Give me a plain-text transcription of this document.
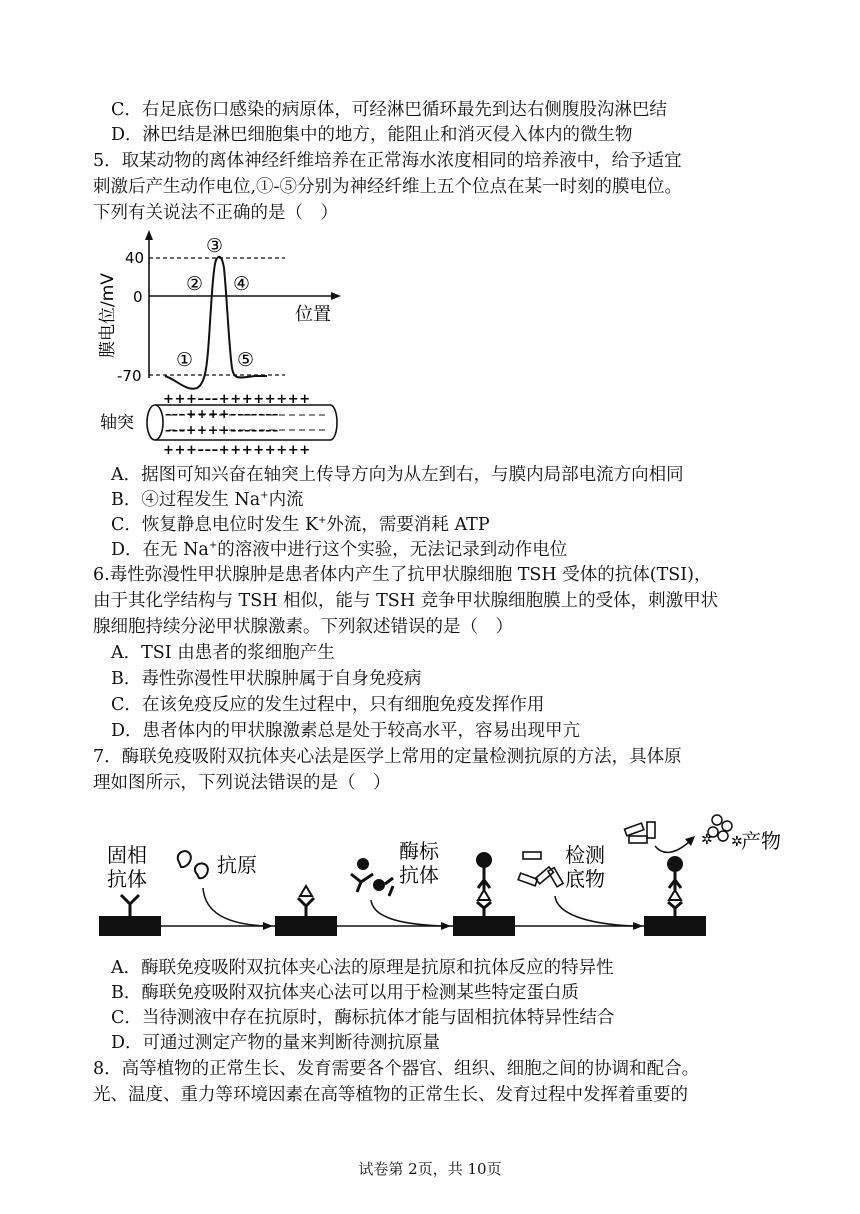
C．右足底伤口感染的病原体，可经淋巴循环最先到达右侧腹股沟淋巴结
D．淋巴结是淋巴细胞集中的地方，能阻止和消灭侵入体内的微生物
5．取某动物的离体神经纤维培养在正常海水浓度相同的培养液中，给予适宜
刺激后产生动作电位,①-⑤分别为神经纤维上五个位点在某一时刻的膜电位。
下列有关说法不正确的是（　）
40
0
-70
膜电位/mV	位置
③
② ④
① ⑤
轴突
+++–––++++++++
–––++++–––––––
–––++++–––––––
+++–––++++++++
A．据图可知兴奋在轴突上传导方向为从左到右，与膜内局部电流方向相同
B．④过程发生 Na+内流
C．恢复静息电位时发生 K+外流，需要消耗 ATP
D．在无 Na+的溶液中进行这个实验，无法记录到动作电位
6.毒性弥漫性甲状腺肿是患者体内产生了抗甲状腺细胞 TSH 受体的抗体(TSI)，
由于其化学结构与 TSH 相似，能与 TSH 竞争甲状腺细胞膜上的受体，刺激甲状
腺细胞持续分泌甲状腺激素。下列叙述错误的是（　）
A．TSI 由患者的浆细胞产生
B．毒性弥漫性甲状腺肿属于自身免疫病
C．在该免疫反应的发生过程中，只有细胞免疫发挥作用
D．患者体内的甲状腺激素总是处于较高水平，容易出现甲亢
7．酶联免疫吸附双抗体夹心法是医学上常用的定量检测抗原的方法，具体原
理如图所示，下列说法错误的是（　）
固相
抗体
抗原
酶标
抗体
检测
底物
✲ ✲
产物
A．酶联免疫吸附双抗体夹心法的原理是抗原和抗体反应的特异性
B．酶联免疫吸附双抗体夹心法可以用于检测某些特定蛋白质
C．当待测液中存在抗原时，酶标抗体才能与固相抗体特异性结合
D．可通过测定产物的量来判断待测抗原量
8．高等植物的正常生长、发育需要各个器官、组织、细胞之间的协调和配合。
光、温度、重力等环境因素在高等植物的正常生长、发育过程中发挥着重要的
试卷第 2页，共 10页
